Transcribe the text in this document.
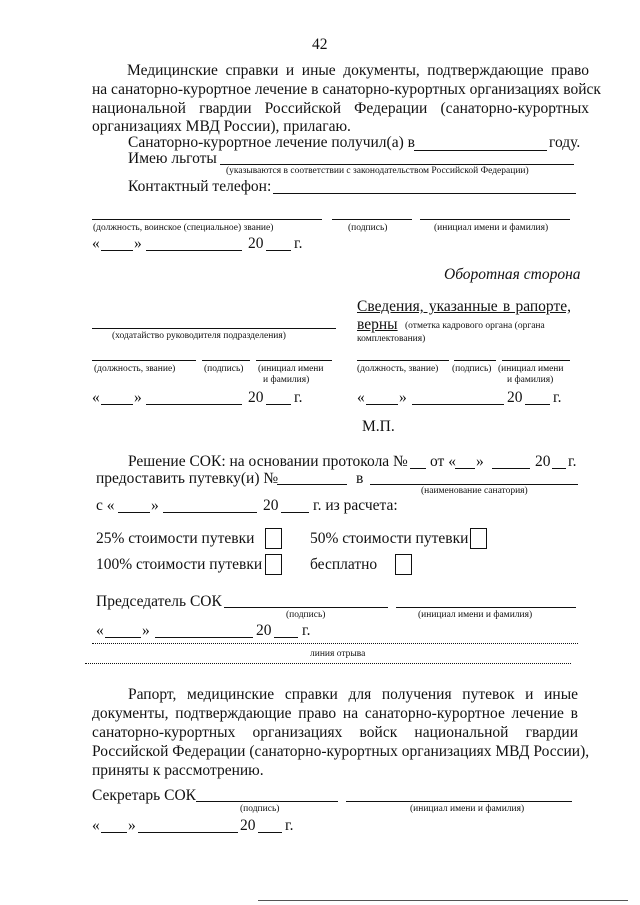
42
Медицинские справки и иные документы, подтверждающие право
на санаторно-курортное лечение в санаторно-курортных организациях войск
национальной гвардии Российской Федерации (санаторно-курортных
организациях МВД России), прилагаю.
Санаторно-курортное лечение получил(а) в	году.
Имею льготы
(указываются в соответствии с законодательством Российской Федерации)
Контактный телефон:
(должность, воинское (специальное) звание)	(подпись)	(инициал имени и фамилия)
« »	20 г.
Оборотная сторона
Сведения, указанные в рапорте,
верны (отметка кадрового органа (органа
комплектования)
(ходатайство руководителя подразделения)
(должность, звание)	(подпись) (инициал имени
и фамилия)
(должность, звание) (подпись) (инициал имени
и фамилия)
« »	20 г.	« »	20 г.
М.П.
Решение СОК: на основании протокола № от « »	20 г.
предоставить путевку(и) №	в
(наименование санатория)
с « »	20 г. из расчета:
25% стоимости путевки	50% стоимости путевки
100% стоимости путевки	бесплатно
Председатель СОК
(подпись)	(инициал имени и фамилия)
« »	20 г.
линия отрыва
Рапорт, медицинские справки для получения путевок и иные
документы, подтверждающие право на санаторно-курортное лечение в
санаторно-курортных организациях войск национальной гвардии
Российской Федерации (санаторно-курортных организациях МВД России),
приняты к рассмотрению.
Секретарь СОК
(подпись)	(инициал имени и фамилия)
« »	20 г.
